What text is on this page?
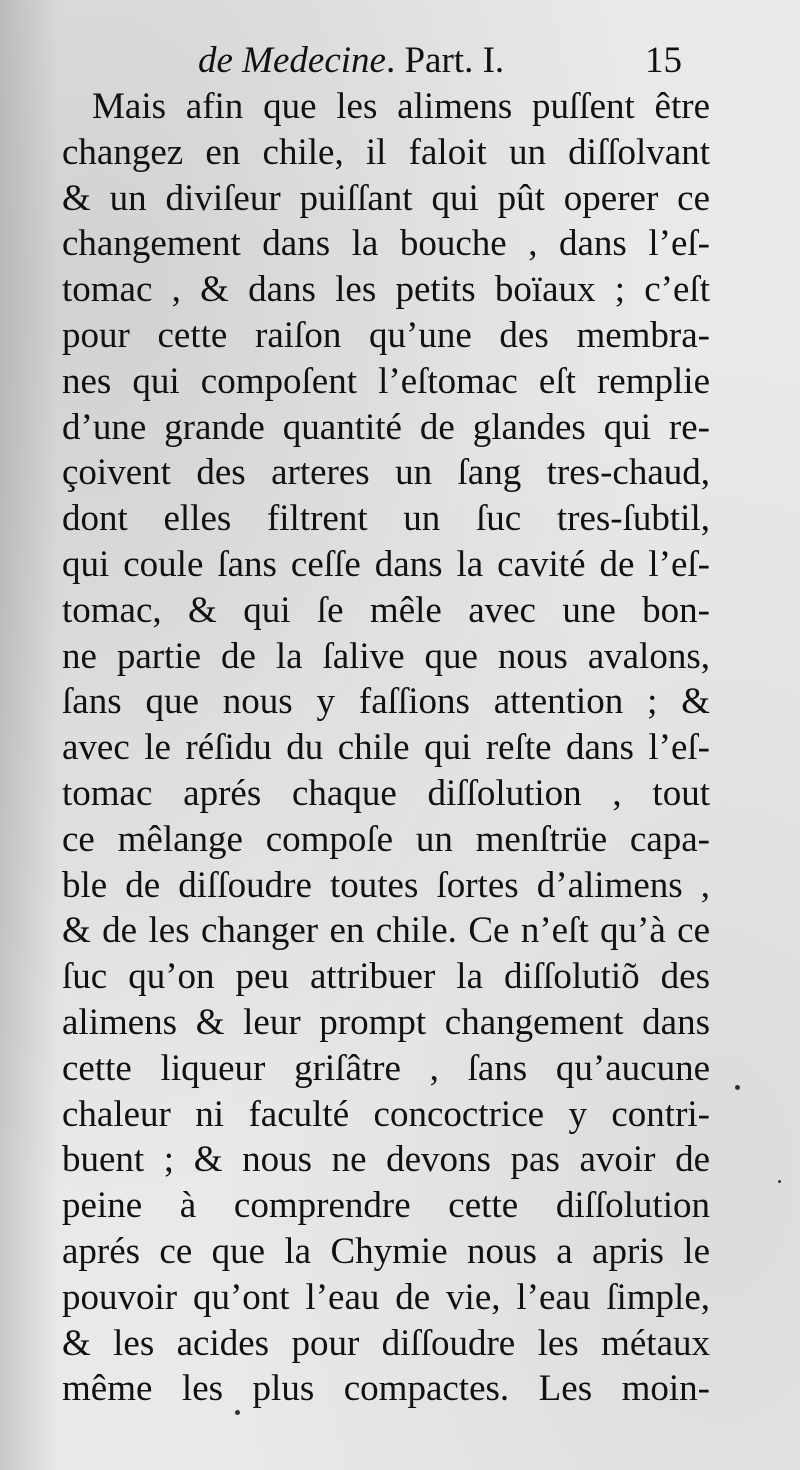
de Medecine. Part. I.	15
Mais afin que les alimens puſſent être
changez en chile, il faloit un diſſolvant
& un diviſeur puiſſant qui pût operer ce
changement dans la bouche , dans l’eſ-
tomac , & dans les petits boïaux ; c’eſt
pour cette raiſon qu’une des membra-
nes qui compoſent l’eſtomac eſt remplie
d’une grande quantité de glandes qui re-
çoivent des arteres un ſang tres-chaud,
dont elles filtrent un ſuc tres-ſubtil,
qui coule ſans ceſſe dans la cavité de l’eſ-
tomac, & qui ſe mêle avec une bon-
ne partie de la ſalive que nous avalons,
ſans que nous y faſſions attention ; &
avec le réſidu du chile qui reſte dans l’eſ-
tomac aprés chaque diſſolution , tout
ce mêlange compoſe un menſtrüe capa-
ble de diſſoudre toutes ſortes d’alimens ,
& de les changer en chile. Ce n’eſt qu’à ce
ſuc qu’on peu attribuer la diſſolutiõ des
alimens & leur prompt changement dans
cette liqueur griſâtre , ſans qu’aucune
chaleur ni faculté concoctrice y contri-
buent ; & nous ne devons pas avoir de
peine à comprendre cette diſſolution
aprés ce que la Chymie nous a apris le
pouvoir qu’ont l’eau de vie, l’eau ſimple,
& les acides pour diſſoudre les métaux
même les plus compactes. Les moin-
